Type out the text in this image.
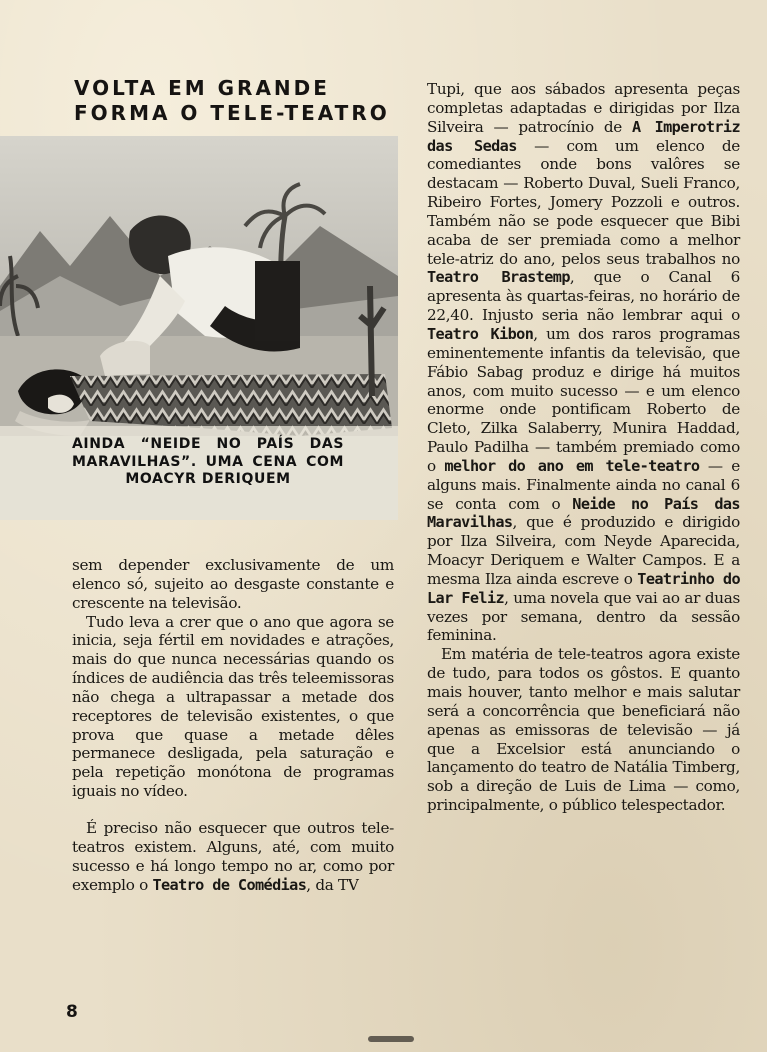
VOLTA EM GRANDE
FORMA O TELE-TEATRO
AINDA “NEIDE NO PAÍS DAS MARAVILHAS”. UMA CENA COM MOACYR DERIQUEM

sem depender exclusivamente de um elenco só, sujeito ao desgaste constante e crescente na televisão.

Tudo leva a crer que o ano que agora se inicia, seja fértil em novidades e atrações, mais do que nunca necessárias quando os índices de audiência das três teleemissoras não chega a ultrapassar a metade dos receptores de televisão existentes, o que prova que quase a metade dêles permanece desligada, pela saturação e pela repetição monótona de programas iguais no vídeo.

É preciso não esquecer que outros tele-teatros existem. Alguns, até, com muito sucesso e há longo tempo no ar, como por exemplo o Teatro de Comédias, da TV

Tupi, que aos sábados apresenta peças completas adaptadas e dirigidas por Ilza Silveira — patrocínio de A Imperotriz das Sedas — com um elenco de comediantes onde bons valôres se destacam — Roberto Duval, Sueli Franco, Ribeiro Fortes, Jomery Pozzoli e outros. Também não se pode esquecer que Bibi acaba de ser premiada como a melhor tele-atriz do ano, pelos seus trabalhos no Teatro Brastemp, que o Canal 6 apresenta às quartas-feiras, no horário de 22,40. Injusto seria não lembrar aqui o Teatro Kibon, um dos raros programas eminentemente infantis da televisão, que Fábio Sabag produz e dirige há muitos anos, com muito sucesso — e um elenco enorme onde pontificam Roberto de Cleto, Zilka Salaberry, Munira Haddad, Paulo Padilha — também premiado como o melhor do ano em tele-teatro — e alguns mais. Finalmente ainda no canal 6 se conta com o Neide no País das Maravilhas, que é produzido e dirigido por Ilza Silveira, com Neyde Aparecida, Moacyr Deriquem e Walter Campos. E a mesma Ilza ainda escreve o Teatrinho do Lar Feliz, uma novela que vai ao ar duas vezes por semana, dentro da sessão feminina.

Em matéria de tele-teatros agora existe de tudo, para todos os gôstos. E quanto mais houver, tanto melhor e mais salutar será a concorrência que beneficiará não apenas as emissoras de televisão — já que a Excelsior está anunciando o lançamento do teatro de Natália Timberg, sob a direção de Luis de Lima — como, principalmente, o público telespectador.

8
